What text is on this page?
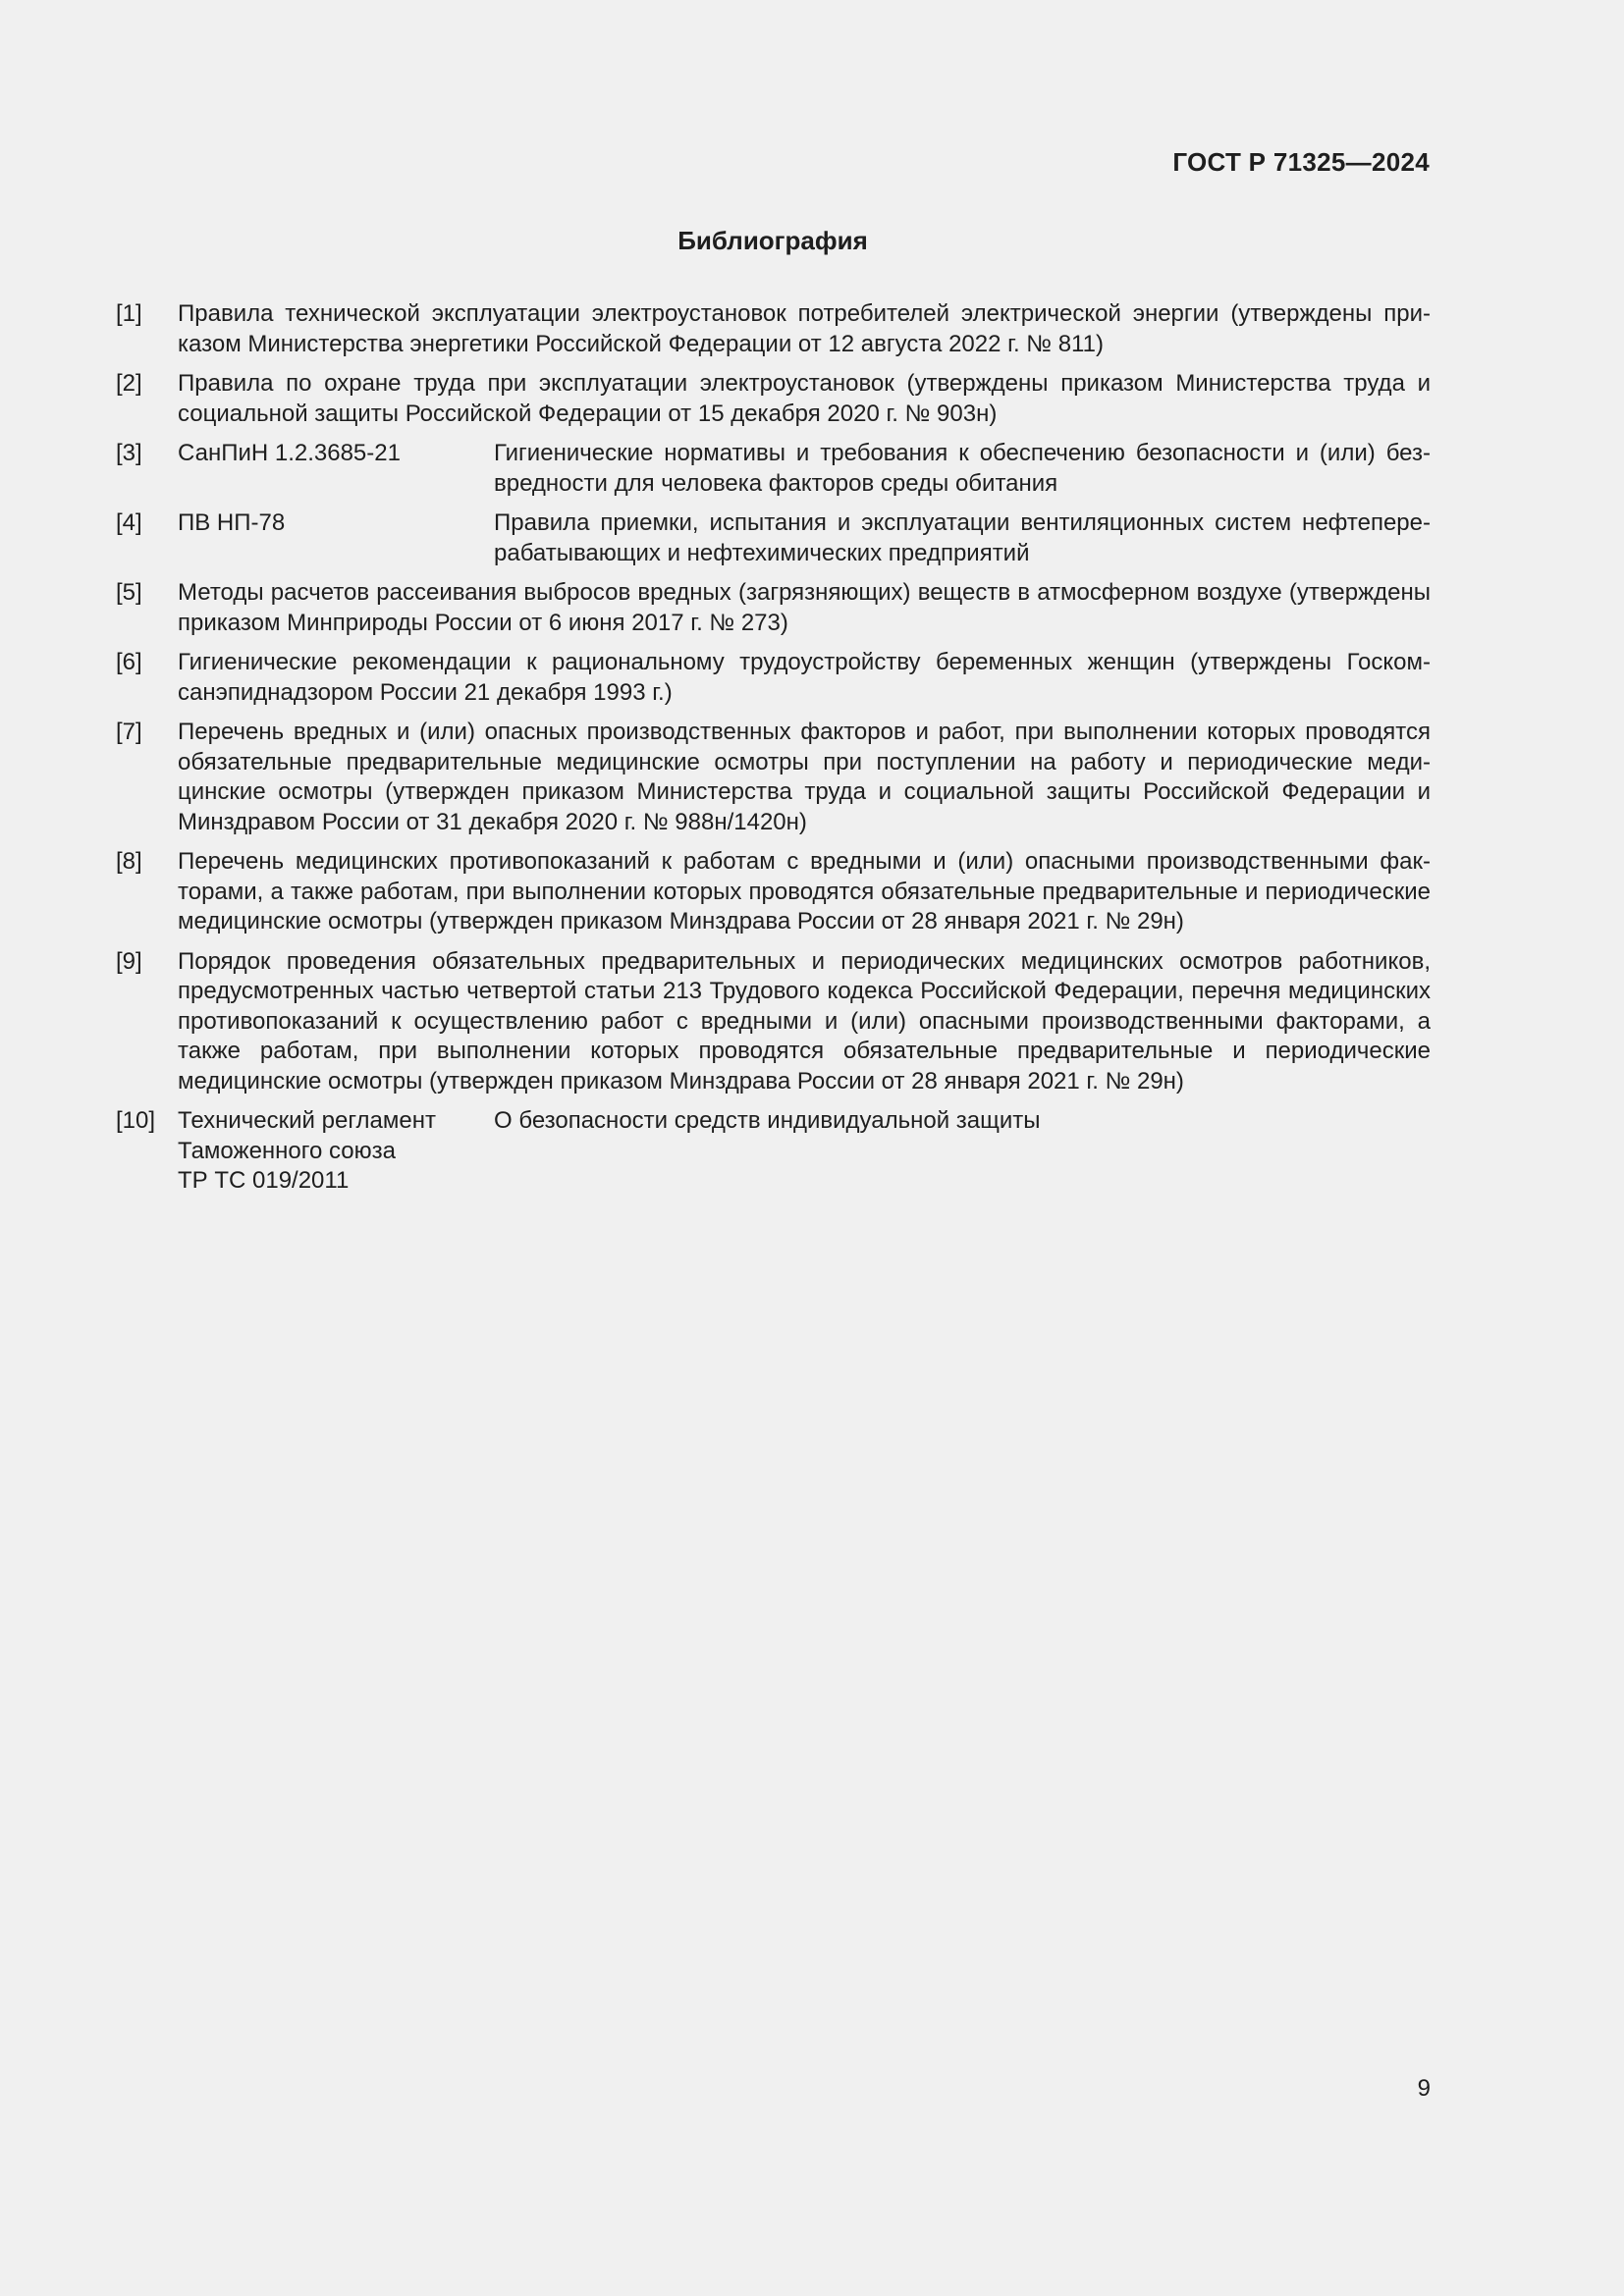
ГОСТ Р 71325—2024
Библиография
[1] Правила технической эксплуатации электроустановок потребителей электрической энергии (утверждены приказом Министерства энергетики Российской Федерации от 12 августа 2022 г. № 811)
[2] Правила по охране труда при эксплуатации электроустановок (утверждены приказом Министерства труда и социальной защиты Российской Федерации от 15 декабря 2020 г. № 903н)
[3] СанПиН 1.2.3685-21	Гигиенические нормативы и требования к обеспечению безопасности и (или) безвредности для человека факторов среды обитания
[4] ПВ НП-78	Правила приемки, испытания и эксплуатации вентиляционных систем нефтеперерабатывающих и нефтехимических предприятий
[5] Методы расчетов рассеивания выбросов вредных (загрязняющих) веществ в атмосферном воздухе (утверждены приказом Минприроды России от 6 июня 2017 г. № 273)
[6] Гигиенические рекомендации к рациональному трудоустройству беременных женщин (утверждены Госкомсанэпиднадзором России 21 декабря 1993 г.)
[7] Перечень вредных и (или) опасных производственных факторов и работ, при выполнении которых проводятся обязательные предварительные медицинские осмотры при поступлении на работу и периодические медицинские осмотры (утвержден приказом Министерства труда и социальной защиты Российской Федерации и Минздравом России от 31 декабря 2020 г. № 988н/1420н)
[8] Перечень медицинских противопоказаний к работам с вредными и (или) опасными производственными факторами, а также работам, при выполнении которых проводятся обязательные предварительные и периодические медицинские осмотры (утвержден приказом Минздрава России от 28 января 2021 г. № 29н)
[9] Порядок проведения обязательных предварительных и периодических медицинских осмотров работников, предусмотренных частью четвертой статьи 213 Трудового кодекса Российской Федерации, перечня медицинских противопоказаний к осуществлению работ с вредными и (или) опасными производственными факторами, а также работам, при выполнении которых проводятся обязательные предварительные и периодические медицинские осмотры (утвержден приказом Минздрава России от 28 января 2021 г. № 29н)
[10] Технический регламент
Таможенного союза
ТР ТС 019/2011
О безопасности средств индивидуальной защиты
9
